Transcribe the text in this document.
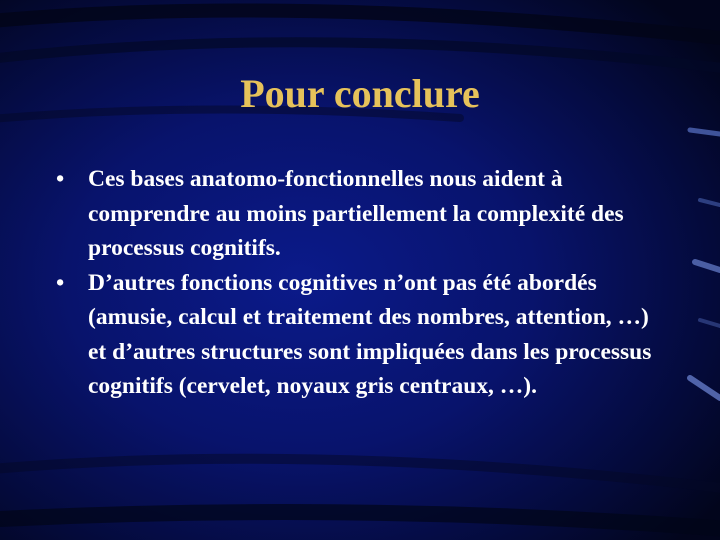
Pour conclure
•	Ces bases anatomo-fonctionnelles nous aident à comprendre au moins partiellement la complexité des processus cognitifs.
•	D’autres fonctions cognitives n’ont pas été abordés (amusie, calcul et traitement des nombres, attention, …) et d’autres structures sont impliquées dans les processus cognitifs (cervelet, noyaux gris centraux, …).
